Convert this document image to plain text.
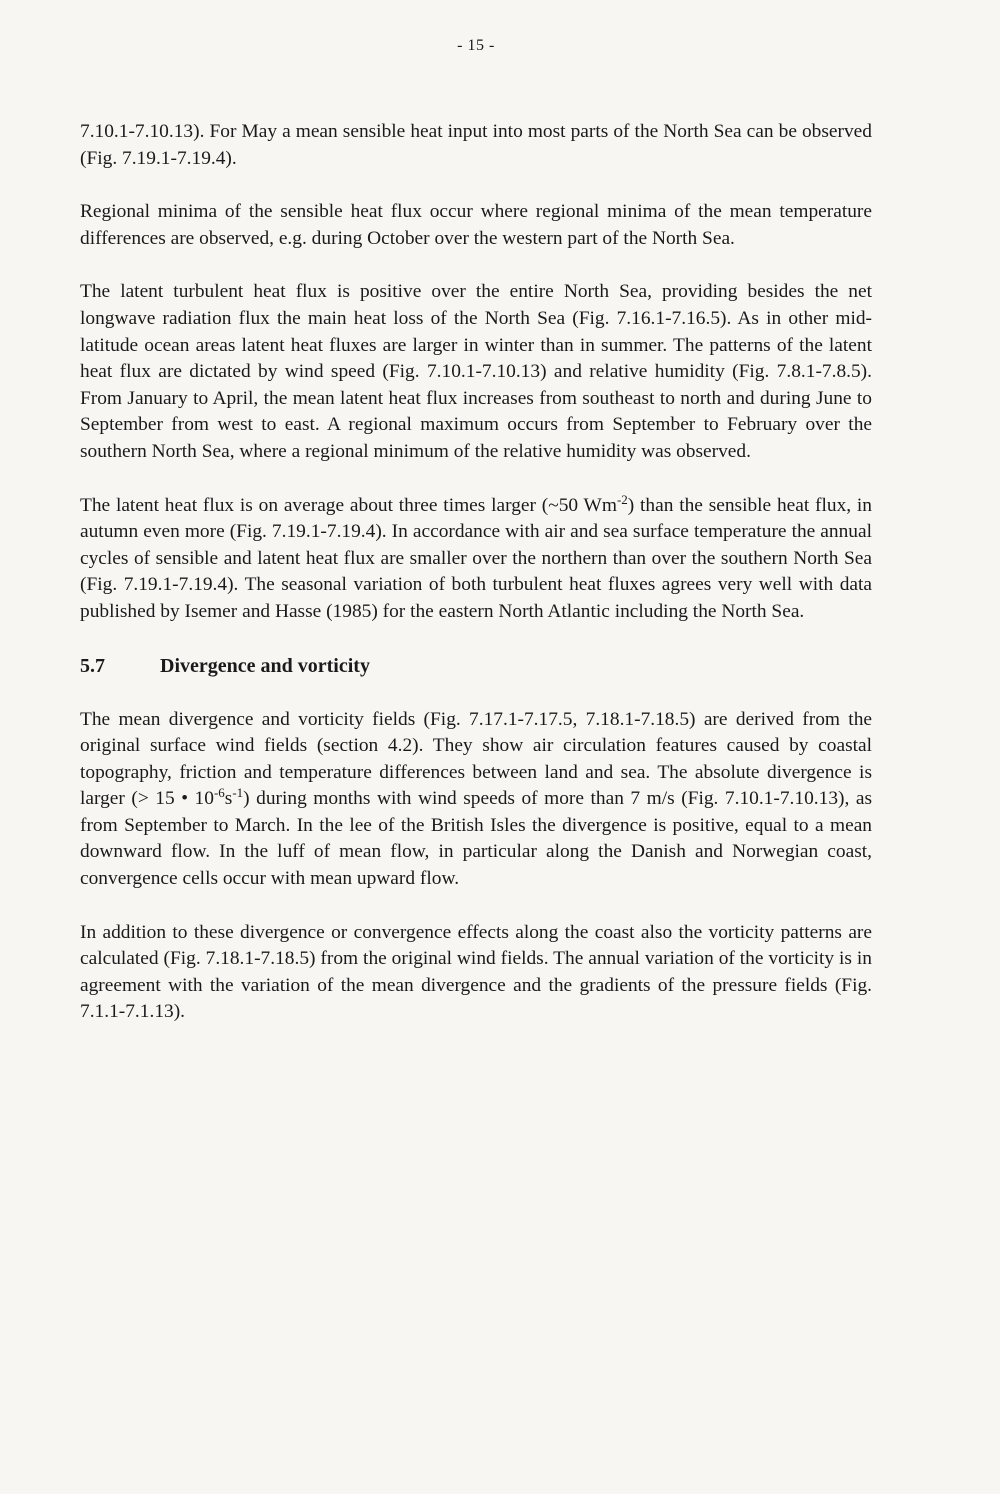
- 15 -

7.10.1-7.10.13). For May a mean sensible heat input into most parts of the North Sea can be observed (Fig. 7.19.1-7.19.4).

Regional minima of the sensible heat flux occur where regional minima of the mean temperature differences are observed, e.g. during October over the western part of the North Sea.

The latent turbulent heat flux is positive over the entire North Sea, providing besides the net longwave radiation flux the main heat loss of the North Sea (Fig. 7.16.1-7.16.5). As in other mid-latitude ocean areas latent heat fluxes are larger in winter than in summer. The patterns of the latent heat flux are dictated by wind speed (Fig. 7.10.1-7.10.13) and relative humidity (Fig. 7.8.1-7.8.5). From January to April, the mean latent heat flux increases from southeast to north and during June to September from west to east. A regional maximum occurs from September to February over the southern North Sea, where a regional minimum of the relative humidity was observed.

The latent heat flux is on average about three times larger (~50 $Wm^{-2}$) than the sensible heat flux, in autumn even more (Fig. 7.19.1-7.19.4). In accordance with air and sea surface temperature the annual cycles of sensible and latent heat flux are smaller over the northern than over the southern North Sea (Fig. 7.19.1-7.19.4). The seasonal variation of both turbulent heat fluxes agrees very well with data published by Isemer and Hasse (1985) for the eastern North Atlantic including the North Sea.

5.7	Divergence and vorticity

The mean divergence and vorticity fields (Fig. 7.17.1-7.17.5, 7.18.1-7.18.5) are derived from the original surface wind fields (section 4.2). They show air circulation features caused by coastal topography, friction and temperature differences between land and sea. The absolute divergence is larger (> 15 • $10^{-6}s^{-1}$) during months with wind speeds of more than 7 m/s (Fig. 7.10.1-7.10.13), as from September to March. In the lee of the British Isles the divergence is positive, equal to a mean downward flow. In the luff of mean flow, in particular along the Danish and Norwegian coast, convergence cells occur with mean upward flow.

In addition to these divergence or convergence effects along the coast also the vorticity patterns are calculated (Fig. 7.18.1-7.18.5) from the original wind fields. The annual variation of the vorticity is in agreement with the variation of the mean divergence and the gradients of the pressure fields (Fig. 7.1.1-7.1.13).
